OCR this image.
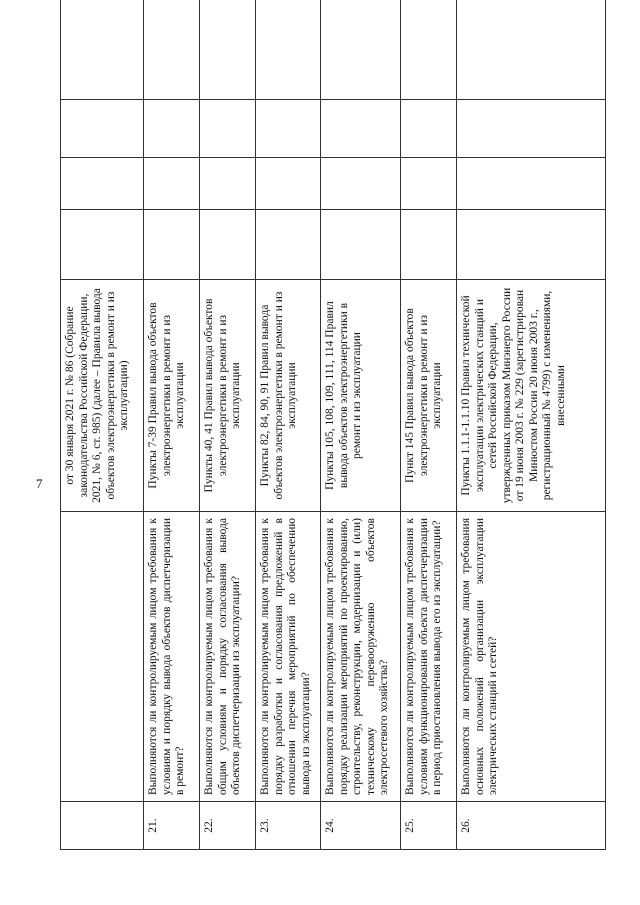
7
		от 30 января 2021 г. № 86 (Собрание законодательства Российской Федерации, 2021, № 6, ст. 985) (далее – Правила вывода объектов электроэнергетики в ремонт и из эксплуатации)				
21.	Выполняются ли контролируемым лицом требования к условиям и порядку вывода объектов диспетчеризации в ремонт?	Пункты 7-39 Правил вывода объектов электроэнергетики в ремонт и из эксплуатации				
22.	Выполняются ли контролируемым лицом требования к общим условиям и порядку согласования вывода объектов диспетчеризации из эксплуатации?	Пункты 40, 41 Правил вывода объектов электроэнергетики в ремонт и из эксплуатации				
23.	Выполняются ли контролируемым лицом требования к порядку разработки и согласования предложений в отношении перечня мероприятий по обеспечению вывода из эксплуатации?	Пункты 82, 84, 90, 91 Правил вывода объектов электроэнергетики в ремонт и из эксплуатации				
24.	Выполняются ли контролируемым лицом требования к порядку реализации мероприятий по проектированию, строительству, реконструкции, модернизации и (или) техническому перевооружению объектов электросетевого хозяйства?	Пункты 105, 108, 109, 111, 114 Правил вывода объектов электроэнергетики в ремонт и из эксплуатации				
25.	Выполняются ли контролируемым лицом требования к условиям функционирования объекта диспетчеризации в период приостановления вывода его из эксплуатации?	Пункт 145 Правил вывода объектов электроэнергетики в ремонт и из эксплуатации				
26.	Выполняются ли контролируемым лицом требования основных положений организации эксплуатации электрических станций и сетей?	Пункты 1.1.1-1.1.10 Правил технической эксплуатации электрических станций и сетей Российской Федерации, утвержденных приказом Минэнерго России от 19 июня 2003 г. № 229 (зарегистрирован Минюстом России 20 июня 2003 г., регистрационный № 4799) с изменениями, внесенными				
